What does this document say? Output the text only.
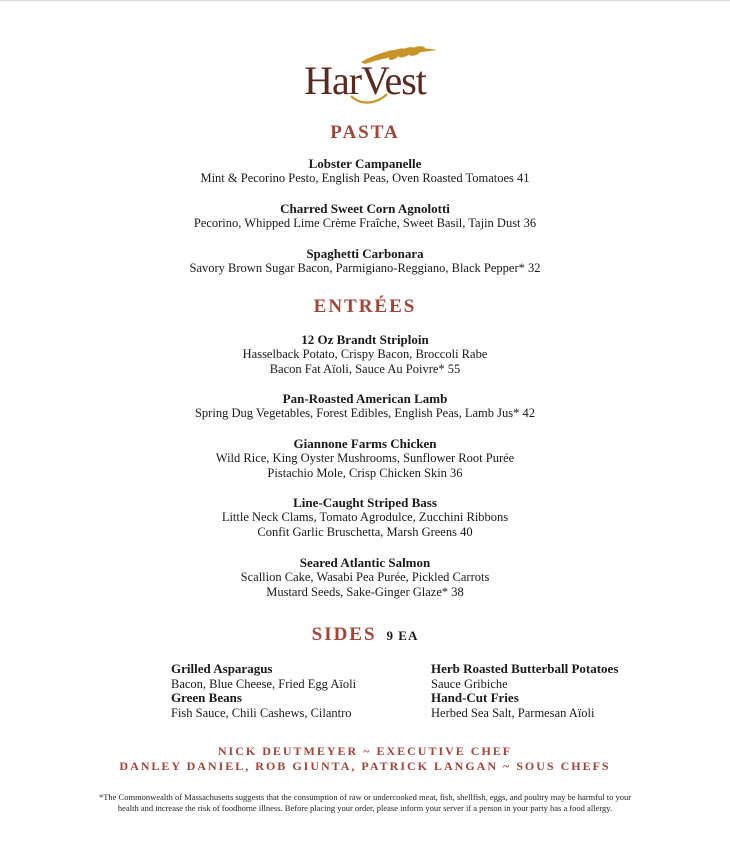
HarVest
PASTA
Lobster Campanelle
Mint & Pecorino Pesto, English Peas, Oven Roasted Tomatoes 41
Charred Sweet Corn Agnolotti
Pecorino, Whipped Lime Crème Fraîche, Sweet Basil, Tajin Dust 36
Spaghetti Carbonara
Savory Brown Sugar Bacon, Parmigiano-Reggiano, Black Pepper* 32
ENTRÉES
12 Oz Brandt Striploin
Hasselback Potato, Crispy Bacon, Broccoli Rabe
Bacon Fat Aïoli, Sauce Au Poivre* 55
Pan-Roasted American Lamb
Spring Dug Vegetables, Forest Edibles, English Peas, Lamb Jus* 42
Giannone Farms Chicken
Wild Rice, King Oyster Mushrooms, Sunflower Root Purée
Pistachio Mole, Crisp Chicken Skin 36
Line-Caught Striped Bass
Little Neck Clams, Tomato Agrodulce, Zucchini Ribbons
Confit Garlic Bruschetta, Marsh Greens 40
Seared Atlantic Salmon
Scallion Cake, Wasabi Pea Purée, Pickled Carrots
Mustard Seeds, Sake-Ginger Glaze* 38
SIDES 9 EA
Grilled Asparagus
Bacon, Blue Cheese, Fried Egg Aïoli
Green Beans
Fish Sauce, Chili Cashews, Cilantro
Herb Roasted Butterball Potatoes
Sauce Gribiche
Hand-Cut Fries
Herbed Sea Salt, Parmesan Aïoli
NICK DEUTMEYER ~ EXECUTIVE CHEF
DANLEY DANIEL, ROB GIUNTA, PATRICK LANGAN ~ SOUS CHEFS
*The Commonwealth of Massachusetts suggests that the consumption of raw or undercooked meat, fish, shellfish, eggs, and poultry may be harmful to your health and increase the risk of foodborne illness. Before placing your order, please inform your server if a person in your party has a food allergy.
